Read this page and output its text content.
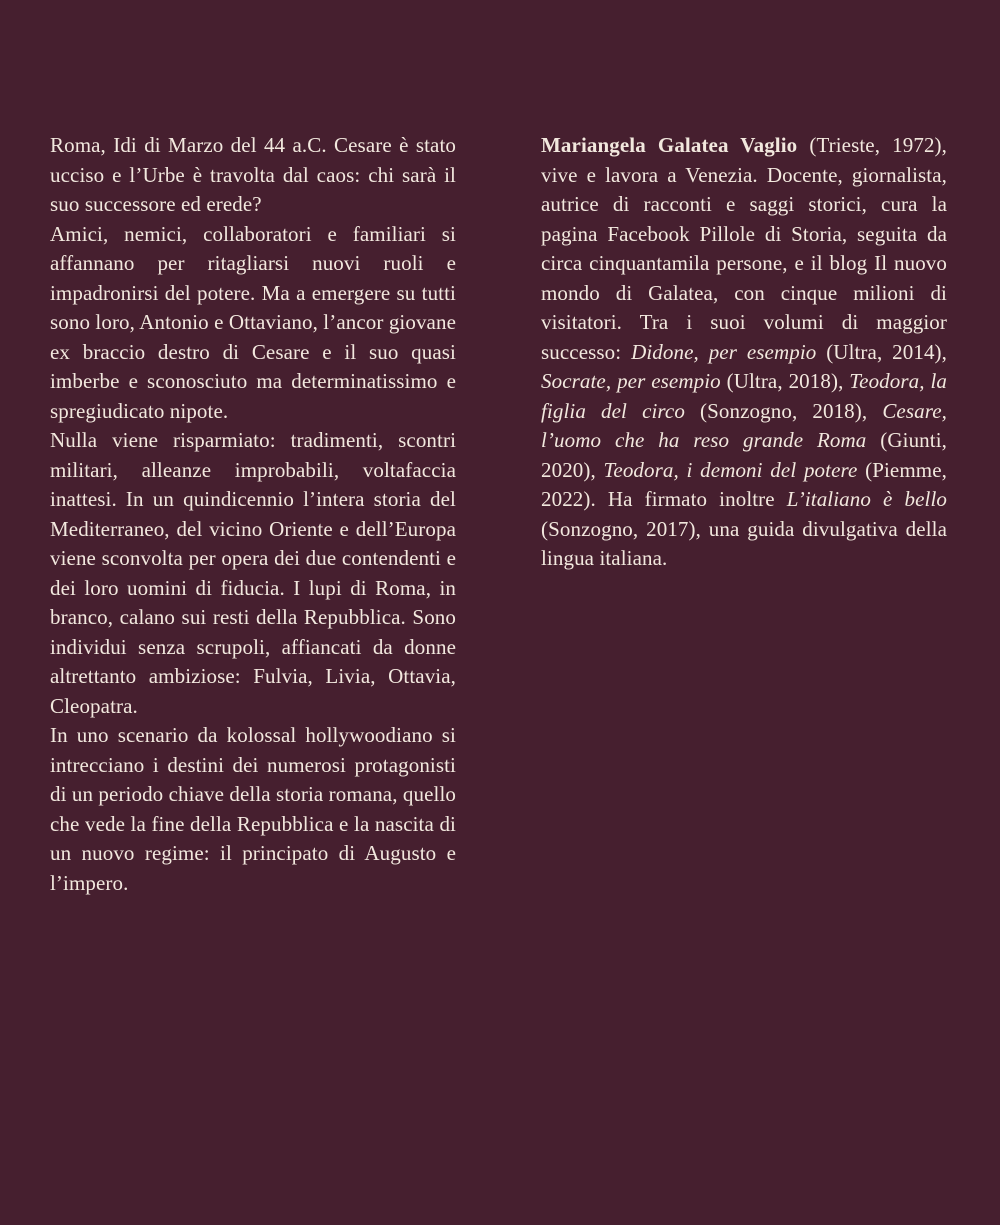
Roma, Idi di Marzo del 44 a.C. Cesare è stato ucciso e l’Urbe è travolta dal caos: chi sarà il suo successore ed erede?

Amici, nemici, collaboratori e familiari si affannano per ritagliarsi nuovi ruoli e impadronirsi del potere. Ma a emergere su tutti sono loro, Antonio e Ottaviano, l’ancor giovane ex braccio destro di Cesare e il suo quasi imberbe e sconosciuto ma determinatissimo e spregiudicato nipote.

Nulla viene risparmiato: tradimenti, scontri militari, alleanze improbabili, voltafaccia inattesi. In un quindicennio l’intera storia del Mediterraneo, del vicino Oriente e dell’Europa viene sconvolta per opera dei due contendenti e dei loro uomini di fiducia. I lupi di Roma, in branco, calano sui resti della Repubblica. Sono individui senza scrupoli, affiancati da donne altrettanto ambiziose: Fulvia, Livia, Ottavia, Cleopatra.

In uno scenario da kolossal hollywoodiano si intrecciano i destini dei numerosi protagonisti di un periodo chiave della storia romana, quello che vede la fine della Repubblica e la nascita di un nuovo regime: il principato di Augusto e l’impero.

Mariangela Galatea Vaglio (Trieste, 1972), vive e lavora a Venezia. Docente, giornalista, autrice di racconti e saggi storici, cura la pagina Facebook Pillole di Storia, seguita da circa cinquantamila persone, e il blog Il nuovo mondo di Galatea, con cinque milioni di visitatori. Tra i suoi volumi di maggior successo: Didone, per esempio (Ultra, 2014), Socrate, per esempio (Ultra, 2018), Teodora, la figlia del circo (Sonzogno, 2018), Cesare, l’uomo che ha reso grande Roma (Giunti, 2020), Teodora, i demoni del potere (Piemme, 2022). Ha firmato inoltre L’italiano è bello (Sonzogno, 2017), una guida divulgativa della lingua italiana.
